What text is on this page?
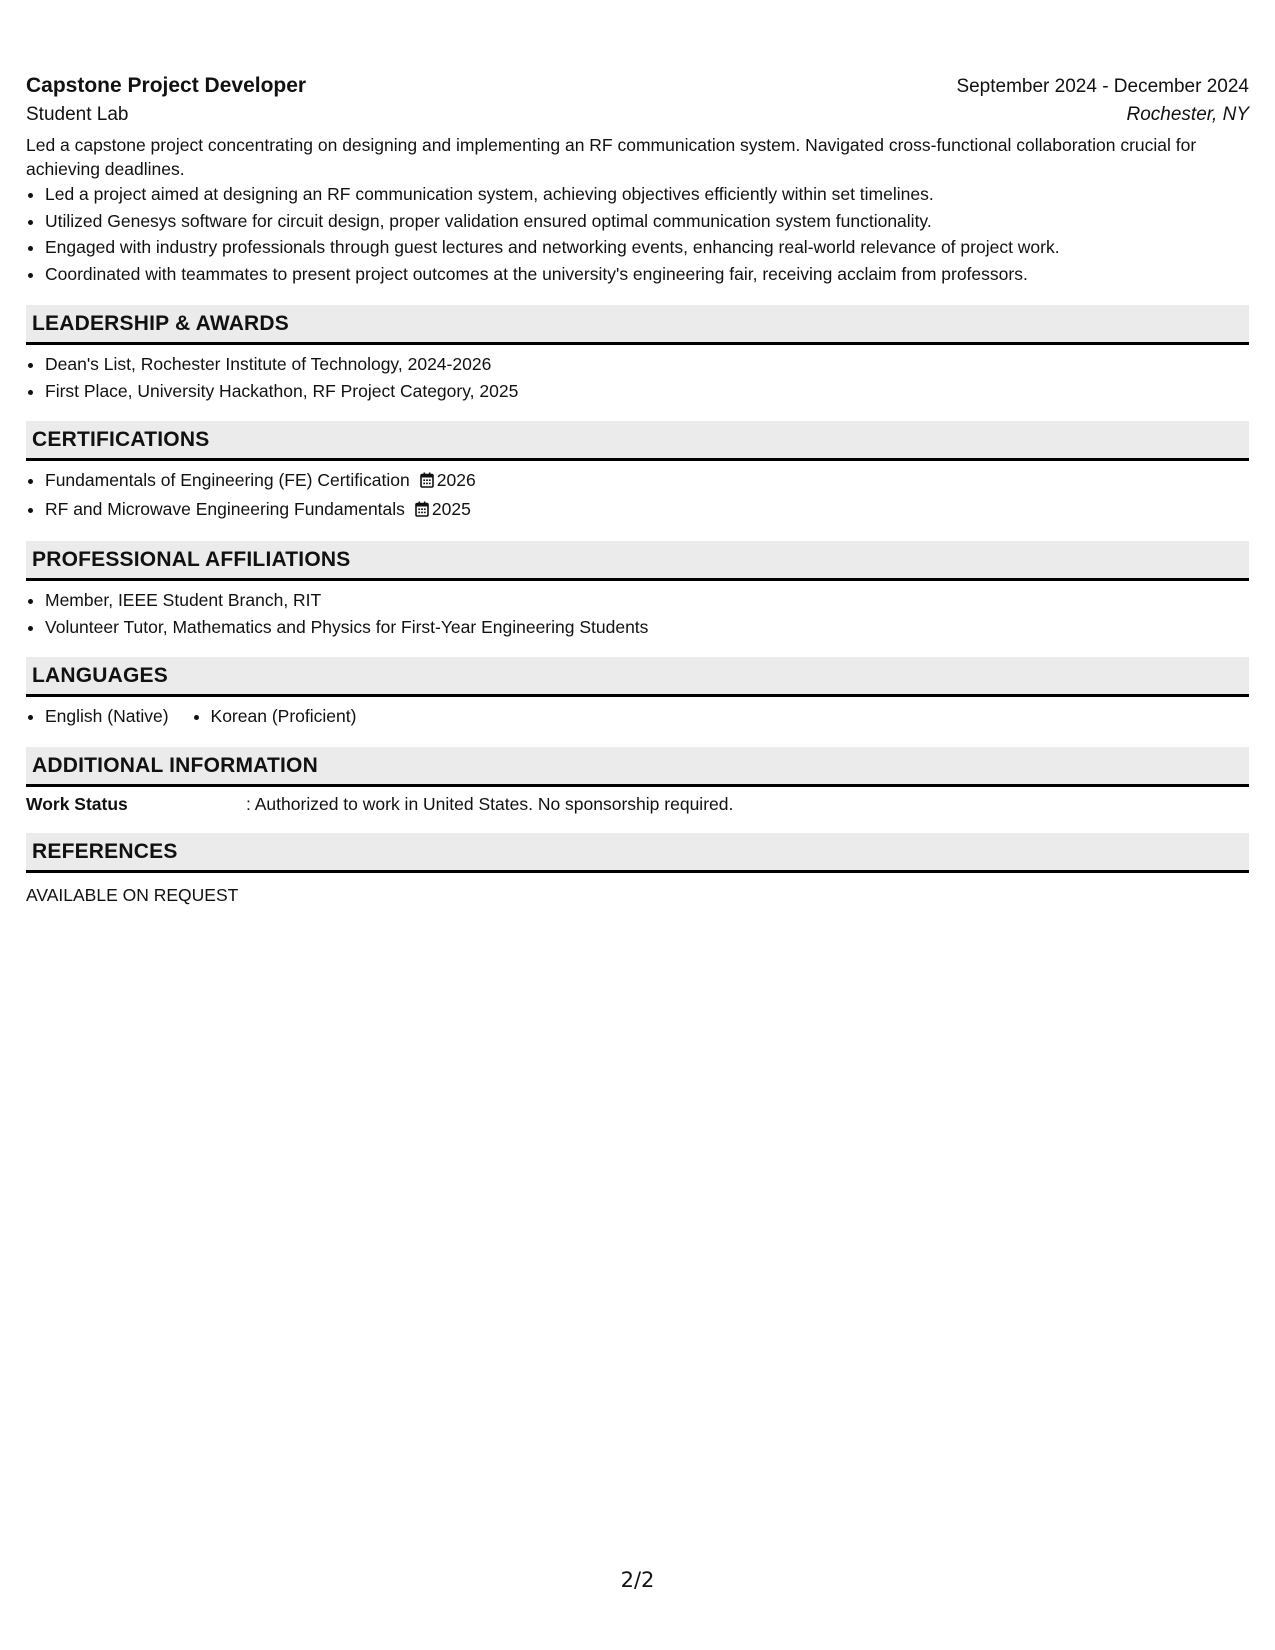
Capstone Project Developer	September 2024 - December 2024
Student Lab	Rochester, NY
Led a capstone project concentrating on designing and implementing an RF communication system. Navigated cross-functional collaboration crucial for achieving deadlines.
• Led a project aimed at designing an RF communication system, achieving objectives efficiently within set timelines.
• Utilized Genesys software for circuit design, proper validation ensured optimal communication system functionality.
• Engaged with industry professionals through guest lectures and networking events, enhancing real-world relevance of project work.
• Coordinated with teammates to present project outcomes at the university's engineering fair, receiving acclaim from professors.
LEADERSHIP & AWARDS
• Dean's List, Rochester Institute of Technology, 2024-2026
• First Place, University Hackathon, RF Project Category, 2025
CERTIFICATIONS
• Fundamentals of Engineering (FE) Certification 2026
• RF and Microwave Engineering Fundamentals 2025
PROFESSIONAL AFFILIATIONS
• Member, IEEE Student Branch, RIT
• Volunteer Tutor, Mathematics and Physics for First-Year Engineering Students
LANGUAGES
• English (Native)
• Korean (Proficient)
ADDITIONAL INFORMATION
Work Status	: Authorized to work in United States. No sponsorship required.
REFERENCES
AVAILABLE ON REQUEST
2/2
